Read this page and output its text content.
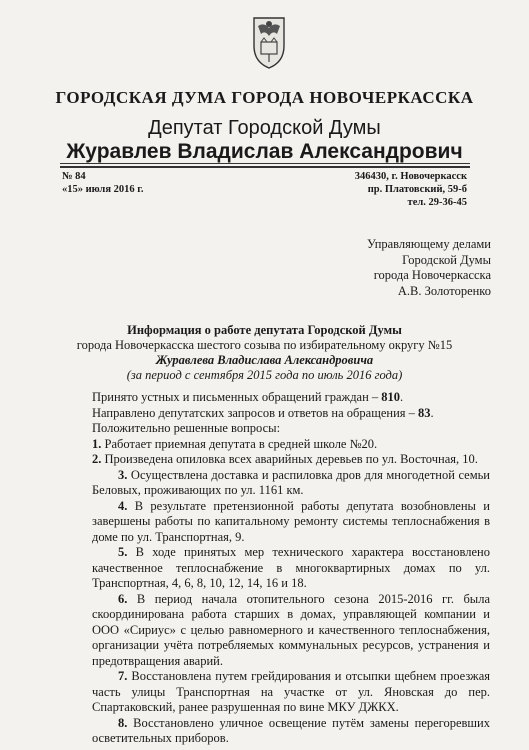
ГОРОДСКАЯ ДУМА ГОРОДА НОВОЧЕРКАССКА
Депутат Городской Думы
Журавлев Владислав Александрович
№ 84
«15» июля 2016 г.
346430, г. Новочеркасск
пр. Платовский, 59-б
тел. 29-36-45
Управляющему делами
Городской Думы
города Новочеркасска
А.В. Золоторенко
Информация о работе депутата Городской Думы
города Новочеркасска шестого созыва по избирательному округу №15
Журавлева Владислава Александровича
(за период с сентября 2015 года по июль 2016 года)

Принято устных и письменных обращений граждан – 810.

Направлено депутатских запросов и ответов на обращения – 83.

Положительно решенные вопросы:

1. Работает приемная депутата в средней школе №20.

2. Произведена опиловка всех аварийных деревьев по ул. Восточная, 10.

3. Осуществлена доставка и распиловка дров для многодетной семьи Беловых, проживающих по ул. 1161 км.

4. В результате претензионной работы депутата возобновлены и завершены работы по капитальному ремонту системы теплоснабжения в доме по ул. Транспортная, 9.

5. В ходе принятых мер технического характера восстановлено качественное теплоснабжение в многоквартирных домах по ул. Транспортная, 4, 6, 8, 10, 12, 14, 16 и 18.

6. В период начала отопительного сезона 2015-2016 гг. была скоординирована работа старших в домах, управляющей компании и ООО «Сириус» с целью равномерного и качественного теплоснабжения, организации учёта потребляемых коммунальных ресурсов, устранения и предотвращения аварий.

7. Восстановлена путем грейдирования и отсыпки щебнем проезжая часть улицы Транспортная на участке от ул. Яновская до пер. Спартаковский, ранее разрушенная по вине МКУ ДЖКХ.

8. Восстановлено уличное освещение путём замены перегоревших осветительных приборов.
